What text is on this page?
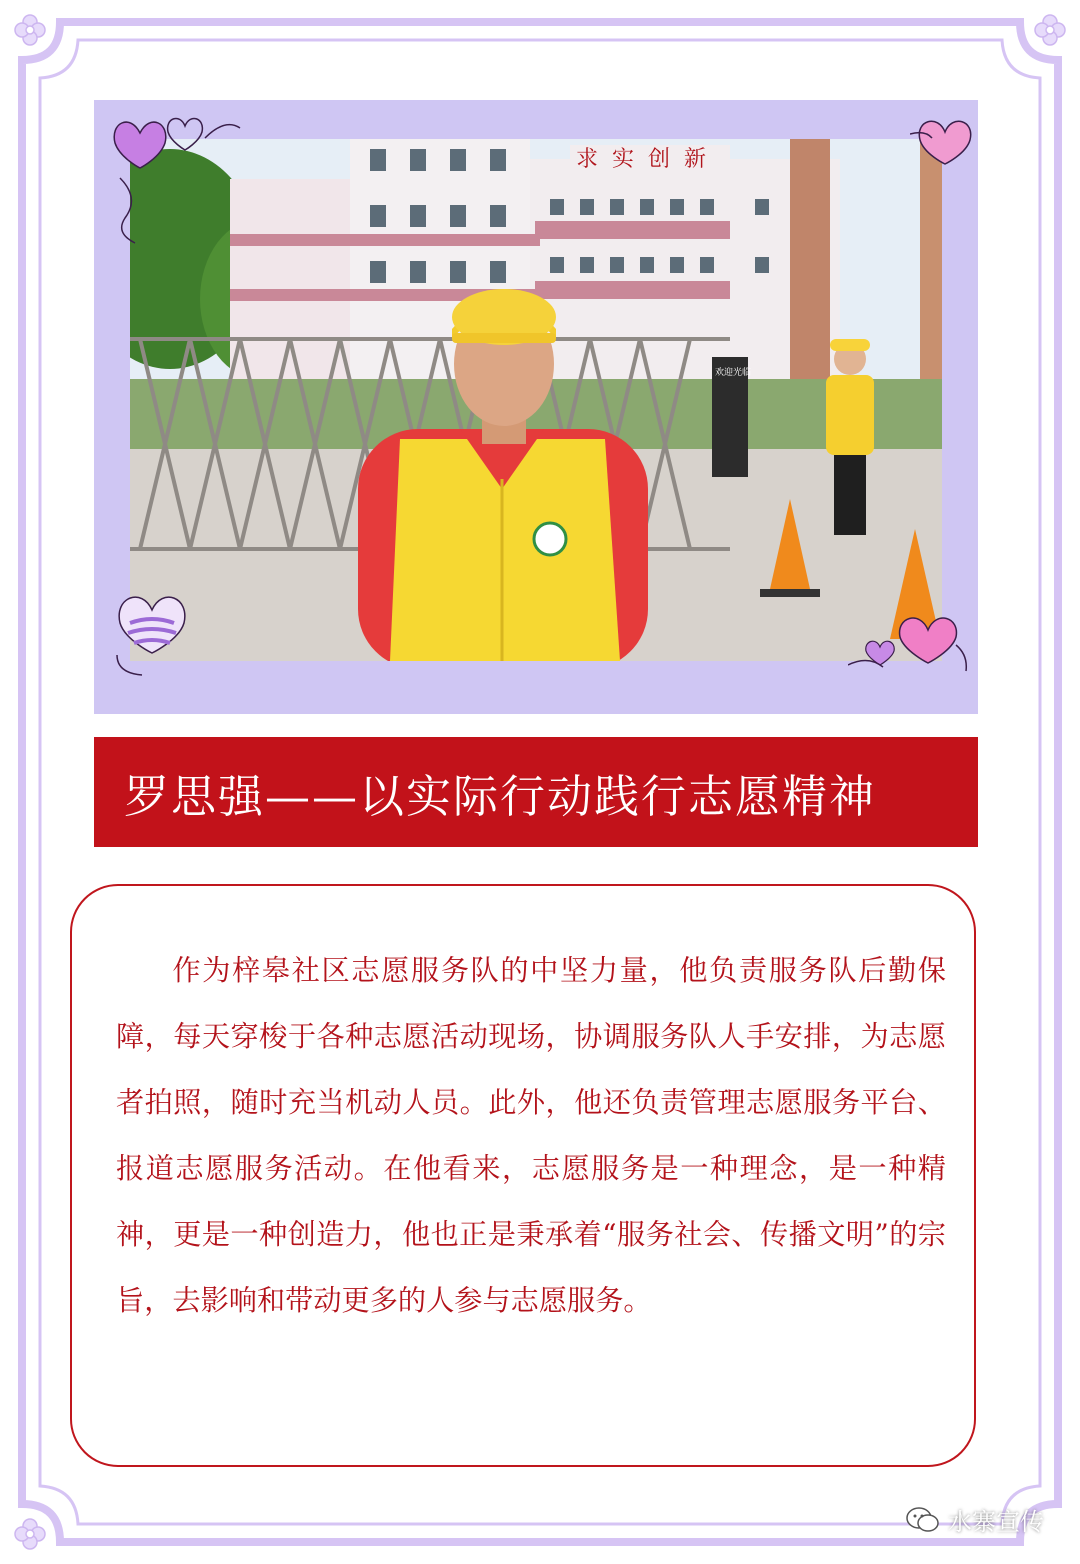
求实创新
欢迎光临
罗思强——以实际行动践行志愿精神

作为梓皋社区志愿服务队的中坚力量，他负责服务队后勤保障，每天穿梭于各种志愿活动现场，协调服务队人手安排，为志愿者拍照，随时充当机动人员。此外，他还负责管理志愿服务平台、报道志愿服务活动。在他看来，志愿服务是一种理念，是一种精神，更是一种创造力，他也正是秉承着“服务社会、传播文明”的宗旨，去影响和带动更多的人参与志愿服务。

水寨宣传
